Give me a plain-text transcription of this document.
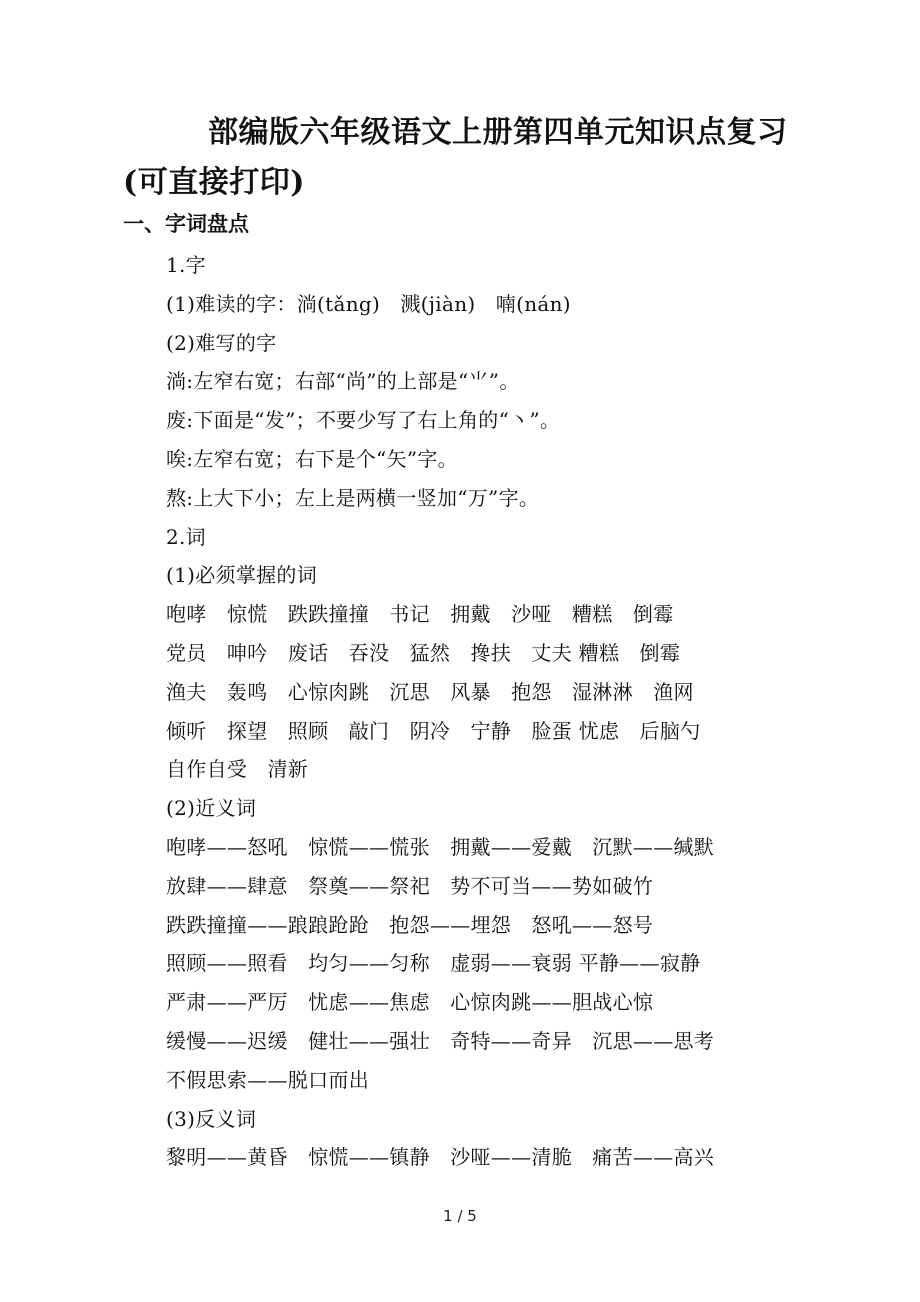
部编版六年级语文上册第四单元知识点复习(可直接打印)
一、字词盘点
1.字
(1)难读的字：淌(tǎng)　溅(jiàn)　喃(nán)
(2)难写的字
淌:左窄右宽；右部“尚”的上部是“⺌”。
废:下面是“发”；不要少写了右上角的“丶”。
唉:左窄右宽；右下是个“矢”字。
熬:上大下小；左上是两横一竖加“万”字。
2.词
(1)必须掌握的词
咆哮　惊慌　跌跌撞撞　书记　拥戴　沙哑　糟糕　倒霉
党员　呻吟　废话　吞没　猛然　搀扶　丈夫 糟糕　倒霉
渔夫　轰鸣　心惊肉跳　沉思　风暴　抱怨　湿淋淋　渔网
倾听　探望　照顾　敲门　阴冷　宁静　脸蛋 忧虑　后脑勺
自作自受　清新
(2)近义词
咆哮——怒吼　惊慌——慌张　拥戴——爱戴　沉默——缄默
放肆——肆意　祭奠——祭祀　势不可当——势如破竹
跌跌撞撞——踉踉跄跄　抱怨——埋怨　怒吼——怒号
照顾——照看　均匀——匀称　虚弱——衰弱 平静——寂静
严肃——严厉　忧虑——焦虑　心惊肉跳——胆战心惊
缓慢——迟缓　健壮——强壮　奇特——奇异　沉思——思考
不假思索——脱口而出
(3)反义词
黎明——黄昏　惊慌——镇静　沙哑——清脆　痛苦——高兴
1 / 5
